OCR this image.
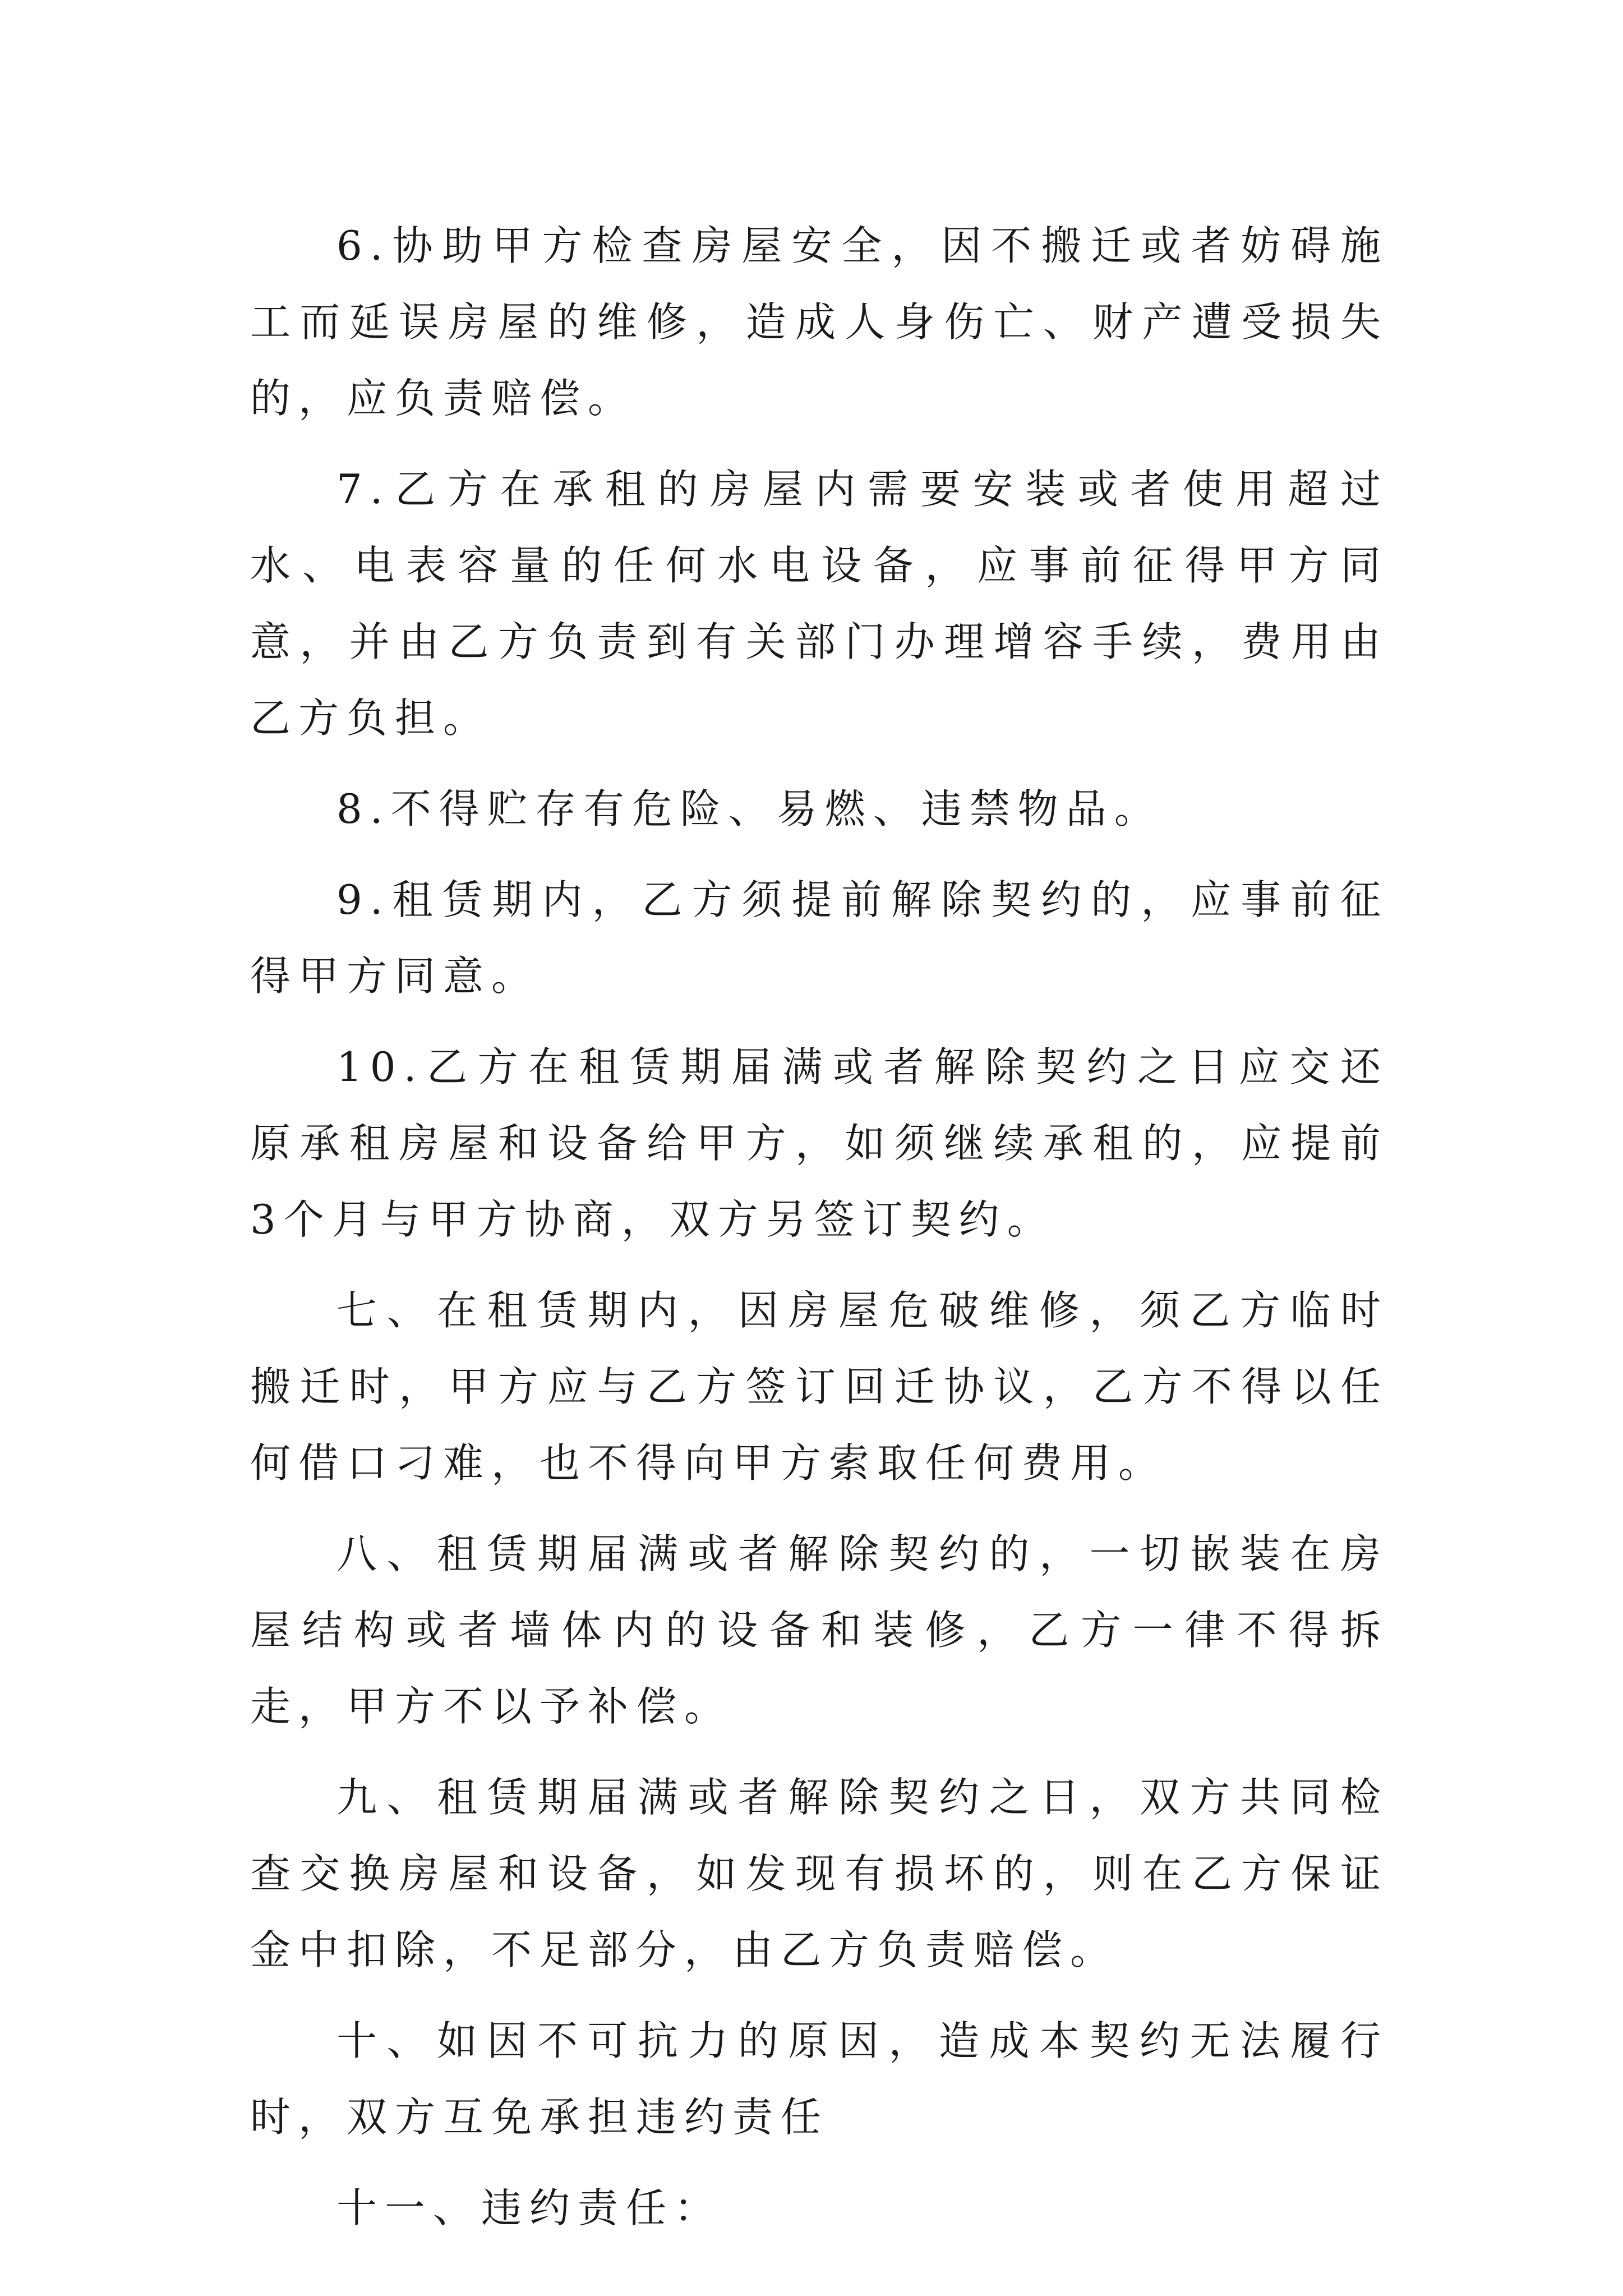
6.协助甲方检查房屋安全，因不搬迁或者妨碍施工而延误房屋的维修，造成人身伤亡、财产遭受损失的，应负责赔偿。

7.乙方在承租的房屋内需要安装或者使用超过水、电表容量的任何水电设备，应事前征得甲方同意，并由乙方负责到有关部门办理增容手续，费用由乙方负担。

8.不得贮存有危险、易燃、违禁物品。

9.租赁期内，乙方须提前解除契约的，应事前征得甲方同意。

10.乙方在租赁期届满或者解除契约之日应交还原承租房屋和设备给甲方，如须继续承租的，应提前3个月与甲方协商，双方另签订契约。

七、在租赁期内，因房屋危破维修，须乙方临时搬迁时，甲方应与乙方签订回迁协议，乙方不得以任何借口刁难，也不得向甲方索取任何费用。

八、租赁期届满或者解除契约的，一切嵌装在房屋结构或者墙体内的设备和装修，乙方一律不得拆走，甲方不以予补偿。

九、租赁期届满或者解除契约之日，双方共同检查交换房屋和设备，如发现有损坏的，则在乙方保证金中扣除，不足部分，由乙方负责赔偿。

十、如因不可抗力的原因，造成本契约无法履行时，双方互免承担违约责任

十一、违约责任：
